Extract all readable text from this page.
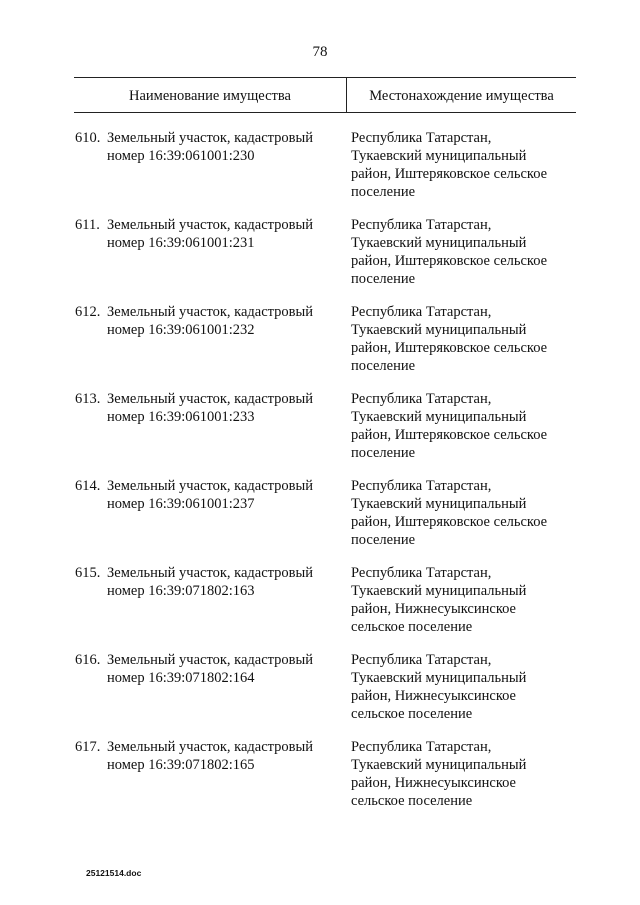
78
Наименование имущества	Местонахождение имущества
610. Земельный участок, кадастровый номер 16:39:061001:230
Республика Татарстан,
Тукаевский муниципальный
район, Иштеряковское сельское
поселение
611. Земельный участок, кадастровый номер 16:39:061001:231
Республика Татарстан,
Тукаевский муниципальный
район, Иштеряковское сельское
поселение
612. Земельный участок, кадастровый номер 16:39:061001:232
Республика Татарстан,
Тукаевский муниципальный
район, Иштеряковское сельское
поселение
613. Земельный участок, кадастровый номер 16:39:061001:233
Республика Татарстан,
Тукаевский муниципальный
район, Иштеряковское сельское
поселение
614. Земельный участок, кадастровый номер 16:39:061001:237
Республика Татарстан,
Тукаевский муниципальный
район, Иштеряковское сельское
поселение
615. Земельный участок, кадастровый номер 16:39:071802:163
Республика Татарстан,
Тукаевский муниципальный
район, Нижнесуыксинское
сельское поселение
616. Земельный участок, кадастровый номер 16:39:071802:164
Республика Татарстан,
Тукаевский муниципальный
район, Нижнесуыксинское
сельское поселение
617. Земельный участок, кадастровый номер 16:39:071802:165
Республика Татарстан,
Тукаевский муниципальный
район, Нижнесуыксинское
сельское поселение
25121514.doc
